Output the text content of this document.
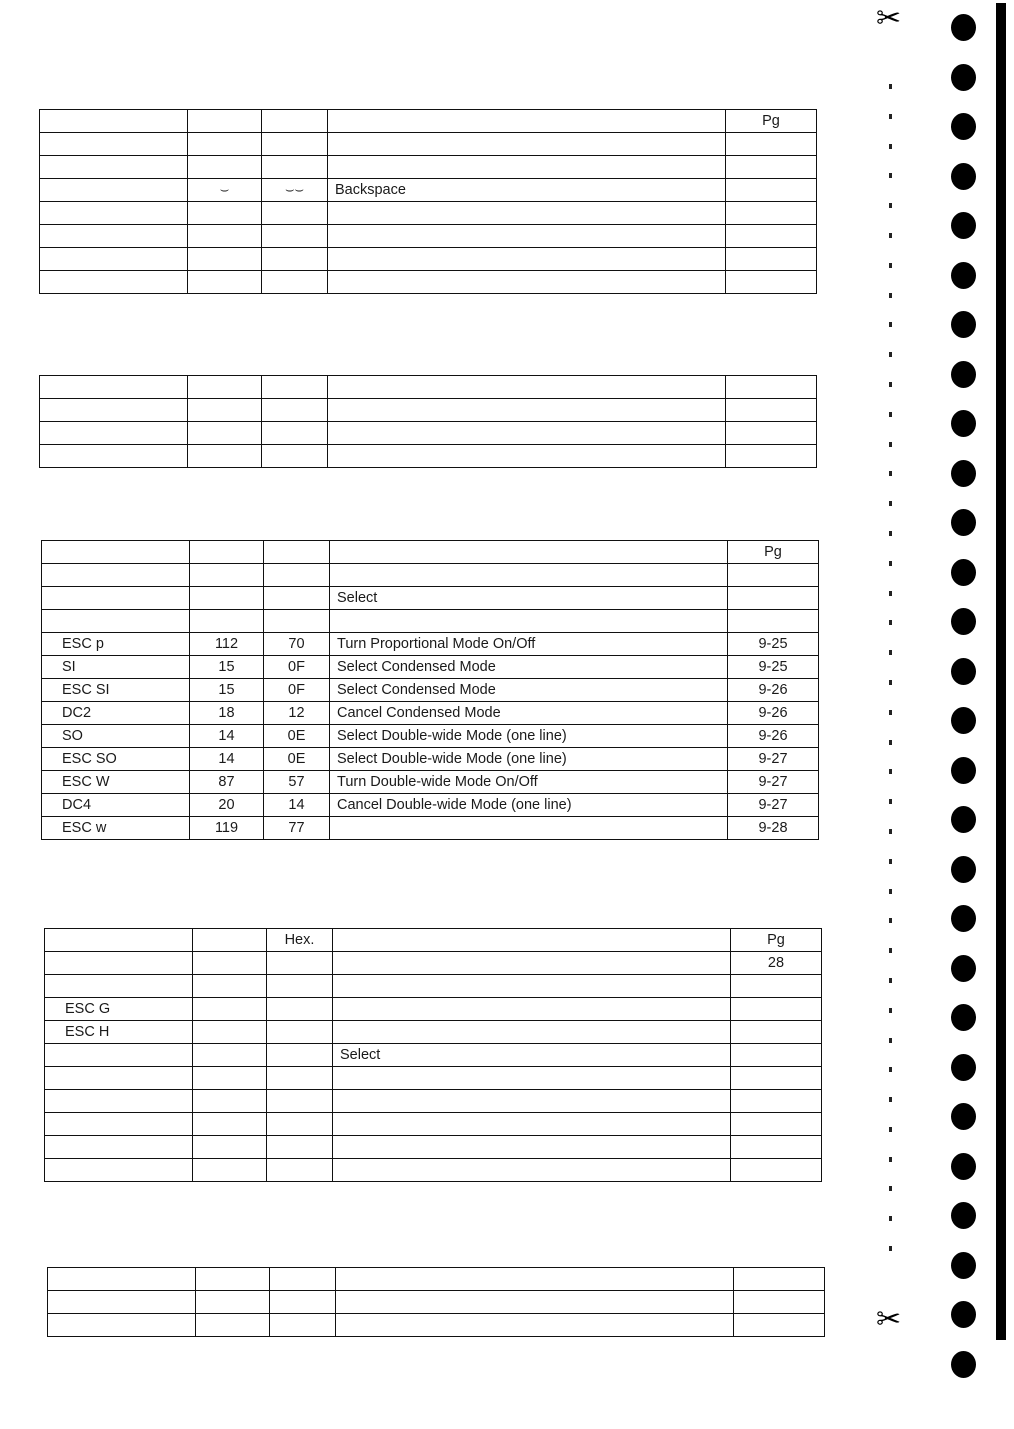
				Pg

	⌣	⌣⌣	Backspace	

				Pg

			Select	

ESC p	112	70	Turn Proportional Mode On/Off	9-25
SI	15	0F	Select Condensed Mode	9-25
ESC SI	15	0F	Select Condensed Mode	9-26
DC2	18	12	Cancel Condensed Mode	9-26
SO	14	0E	Select Double-wide Mode (one line)	9-26
ESC SO	14	0E	Select Double-wide Mode (one line)	9-27
ESC W	87	57	Turn Double-wide Mode On/Off	9-27
DC4	20	14	Cancel Double-wide Mode (one line)	9-27
ESC w	119	77		9-28
		Hex.		Pg
				28

ESC G				
ESC H				
			Select	

✂
✂
